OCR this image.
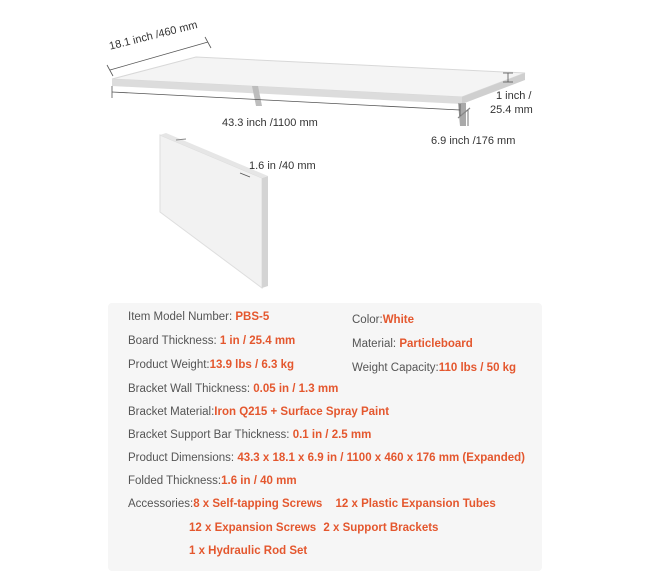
18.1 inch /460 mm
43.3 inch /1100 mm
1 inch /
25.4 mm
6.9 inch /176 mm
1.6 in /40 mm
Item Model Number: PBS-5	Color:White
Board Thickness: 1 in / 25.4 mm	Material: Particleboard
Product Weight:13.9 lbs / 6.3 kg	Weight Capacity:110 lbs / 50 kg
Bracket Wall Thickness: 0.05 in / 1.3 mm
Bracket Material:Iron Q215 + Surface Spray Paint
Bracket Support Bar Thickness: 0.1 in / 2.5 mm
Product Dimensions: 43.3 x 18.1 x 6.9 in / 1100 x 460 x 176 mm (Expanded)
Folded Thickness:1.6 in / 40 mm
Accessories:8 x Self-tapping Screws 12 x Plastic Expansion Tubes
12 x Expansion Screws 2 x Support Brackets
1 x Hydraulic Rod Set
